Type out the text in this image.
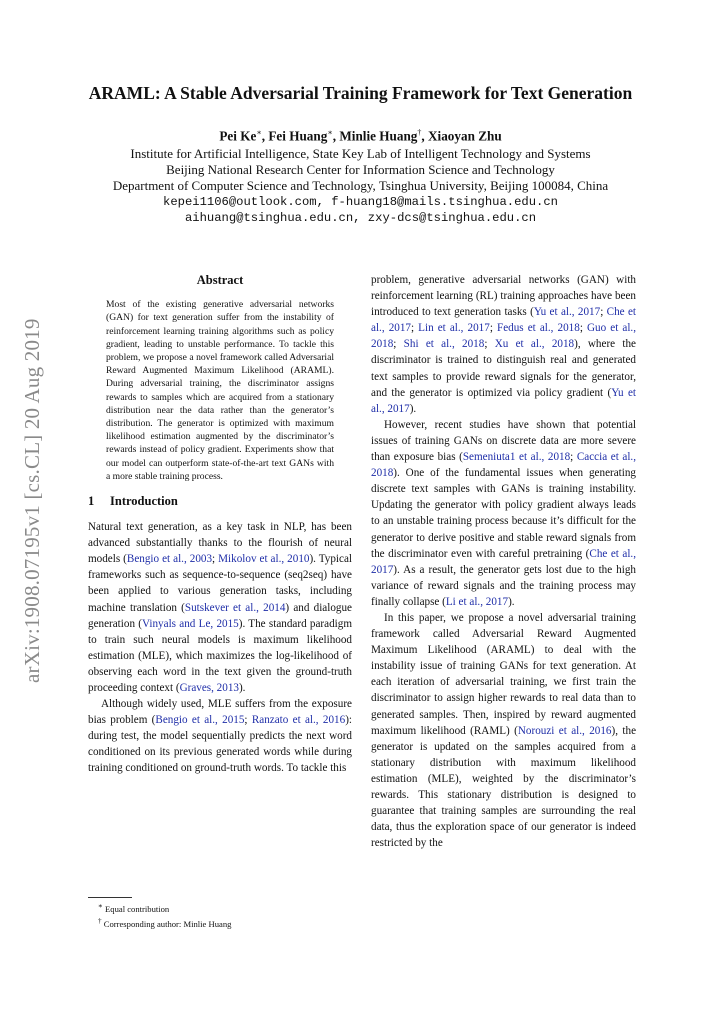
arXiv:1908.07195v1 [cs.CL] 20 Aug 2019
ARAML: A Stable Adversarial Training Framework for Text Generation
Pei Ke∗, Fei Huang∗, Minlie Huang†, Xiaoyan Zhu
Institute for Artificial Intelligence, State Key Lab of Intelligent Technology and Systems
Beijing National Research Center for Information Science and Technology
Department of Computer Science and Technology, Tsinghua University, Beijing 100084, China
kepei1106@outlook.com, f-huang18@mails.tsinghua.edu.cn
aihuang@tsinghua.edu.cn, zxy-dcs@tsinghua.edu.cn
Abstract
Most of the existing generative adversarial networks (GAN) for text generation suffer from the instability of reinforcement learning training algorithms such as policy gradient, leading to unstable performance. To tackle this problem, we propose a novel framework called Adversarial Reward Augmented Maximum Likelihood (ARAML). During adversarial training, the discriminator assigns rewards to samples which are acquired from a stationary distribution near the data rather than the generator’s distribution. The generator is optimized with maximum likelihood estimation augmented by the discriminator’s rewards instead of policy gradient. Experiments show that our model can outperform state-of-the-art text GANs with a more stable training process.
1 Introduction

Natural text generation, as a key task in NLP, has been advanced substantially thanks to the flourish of neural models (Bengio et al., 2003; Mikolov et al., 2010). Typical frameworks such as sequence-to-sequence (seq2seq) have been applied to various generation tasks, including machine translation (Sutskever et al., 2014) and dialogue generation (Vinyals and Le, 2015). The standard paradigm to train such neural models is maximum likelihood estimation (MLE), which maximizes the log-likelihood of observing each word in the text given the ground-truth proceeding context (Graves, 2013).

Although widely used, MLE suffers from the exposure bias problem (Bengio et al., 2015; Ranzato et al., 2016): during test, the model sequentially predicts the next word conditioned on its previous generated words while during training conditioned on ground-truth words. To tackle this

∗ Equal contribution
† Corresponding author: Minlie Huang

problem, generative adversarial networks (GAN) with reinforcement learning (RL) training approaches have been introduced to text generation tasks (Yu et al., 2017; Che et al., 2017; Lin et al., 2017; Fedus et al., 2018; Guo et al., 2018; Shi et al., 2018; Xu et al., 2018), where the discriminator is trained to distinguish real and generated text samples to provide reward signals for the generator, and the generator is optimized via policy gradient (Yu et al., 2017).

However, recent studies have shown that potential issues of training GANs on discrete data are more severe than exposure bias (Semeniuta1 et al., 2018; Caccia et al., 2018). One of the fundamental issues when generating discrete text samples with GANs is training instability. Updating the generator with policy gradient always leads to an unstable training process because it’s difficult for the generator to derive positive and stable reward signals from the discriminator even with careful pretraining (Che et al., 2017). As a result, the generator gets lost due to the high variance of reward signals and the training process may finally collapse (Li et al., 2017).

In this paper, we propose a novel adversarial training framework called Adversarial Reward Augmented Maximum Likelihood (ARAML) to deal with the instability issue of training GANs for text generation. At each iteration of adversarial training, we first train the discriminator to assign higher rewards to real data than to generated samples. Then, inspired by reward augmented maximum likelihood (RAML) (Norouzi et al., 2016), the generator is updated on the samples acquired from a stationary distribution with maximum likelihood estimation (MLE), weighted by the discriminator’s rewards. This stationary distribution is designed to guarantee that training samples are surrounding the real data, thus the exploration space of our generator is indeed restricted by the
